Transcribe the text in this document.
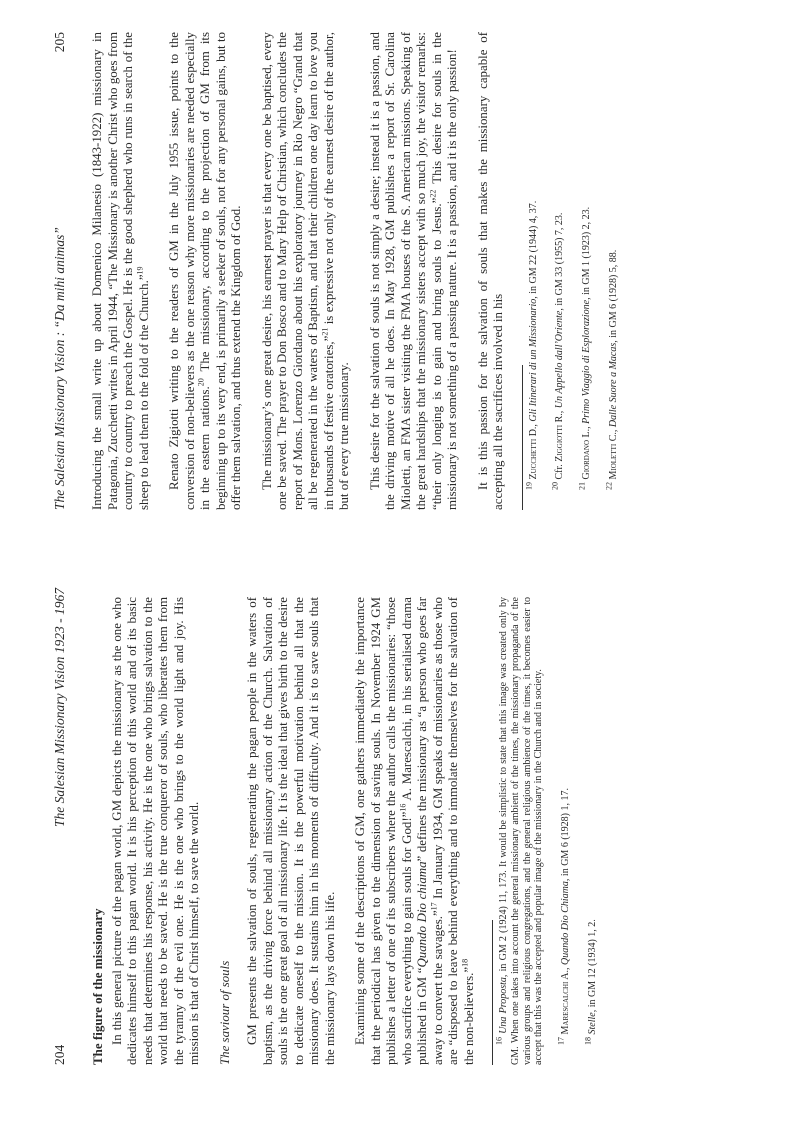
204
The Salesian Missionary Vision 1923 - 1967
The figure of the missionary In this general picture of the pagan world, GM depicts the missionary as the one who dedicates himself to this pagan world. It is his perception of this world and of its basic needs that determines his response, his activity. He is the one who brings salvation to the world that needs to be saved. He is the true conqueror of souls, who liberates them from the tyranny of the evil one. He is the one who brings to the world light and joy. His mission is that of Christ himself, to save the world. The saviour of souls GM presents the salvation of souls, regenerating the pagan people in the waters of baptism, as the driving force behind all missionary action of the Church. Salvation of souls is the one great goal of all missionary life. It is the ideal that gives birth to the desire to dedicate oneself to the mission. It is the powerful motivation behind all that the missionary does. It sustains him in his moments of difficulty. And it is to save souls that the missionary lays down his life. Examining some of the descriptions of GM, one gathers immediately the importance that the periodical has given to the dimension of saving souls. In November 1924 GM publishes a letter of one of its subscribers where the author calls the missionaries: “those who sacrifice everything to gain souls for God!”$^{16}$ A. Marescalchi, in his serialised drama published in GM “Quando Dio chiama” defines the missionary as “a person who goes far away to convert the savages.”$^{17}$ In January 1934, GM speaks of missionaries as those who are “disposed to leave behind everything and to immolate themselves for the salvation of the non-believers.”$^{18}$

$^{16}$ Una Proposta, in GM 2 (1924) 11, 173. It would be simplistic to state that this image was created only by GM. When one takes into account the general missionary ambient of the times, the missionary propaganda of the various groups and religious congregations, and the general religious ambience of the times, it becomes easier to accept that this was the accepted and popular image of the missionary in the Church and in society. $^{17}$ Marescalchi A., Quando Dio Chiama, in GM 6 (1928) 1, 17.

$^{18}$ Stelle, in GM 12 (1934) 1, 2.

The Salesian Missionary Vision : “Da mihi animas”
205 Introducing the small write up about Domenico Milanesio (1843-1922) missionary in Patagonia, Zucchetti writes in April 1944, “The Missionary is another Christ who goes from country to country to preach the Gospel. He is the good shepherd who runs in search of the sheep to lead them to the fold of the Church.”$^{19}$	Renato Zigiotti writing to the readers of GM in the July 1955 issue, points to the conversion of non-believers as the one reason why more missionaries are needed especially in the eastern nations.$^{20}$ The missionary, according to the projection of GM from its beginning up to its very end, is primarily a seeker of souls, not for any personal gains, but to offer them salvation, and thus extend the Kingdom of God. The missionary’s one great desire, his earnest prayer is that every one be baptised, every one be saved. The prayer to Don Bosco and to Mary Help of Christian, which concludes the report of Mons. Lorenzo Giordano about his exploratory journey in Rio Negro “Grand that all be regenerated in the waters of Baptism, and that their children one day learn to love you in thousands of festive oratories,”$^{21}$ is expressive not only of the earnest desire of the author, but of every true missionary. This desire for the salvation of souls is not simply a desire; instead it is a passion, and the driving motive of all he does. In May 1928, GM publishes a report of Sr. Carolina Mioletti, an FMA sister visiting the FMA houses of the S. American missions. Speaking of the great hardships that the missionary sisters accept with so much joy, the visitor remarks: “their only longing is to gain and bring souls to Jesus.”$^{22}$ This desire for souls in the missionary is not something of a passing nature. It is a passion, and it is the only passion! It is this passion for the salvation of souls that makes the missionary capable of accepting all the sacrifices involved in his $^{19}$ Zucchetti D., Gli Itinerari di un Missionario, in GM 22 (1944) 4, 37.

$^{20}$ Cfr. Ziggiotti R., Un Appello dall’Oriente, in GM 33 (1955) 7, 23.

$^{21}$ Giordano L., Primo Viaggio di Esplorazione, in GM 1 (1923) 2, 23.

$^{22}$ Mioletti C., Dalle Suore a Macas, in GM 6 (1928) 5, 88.
